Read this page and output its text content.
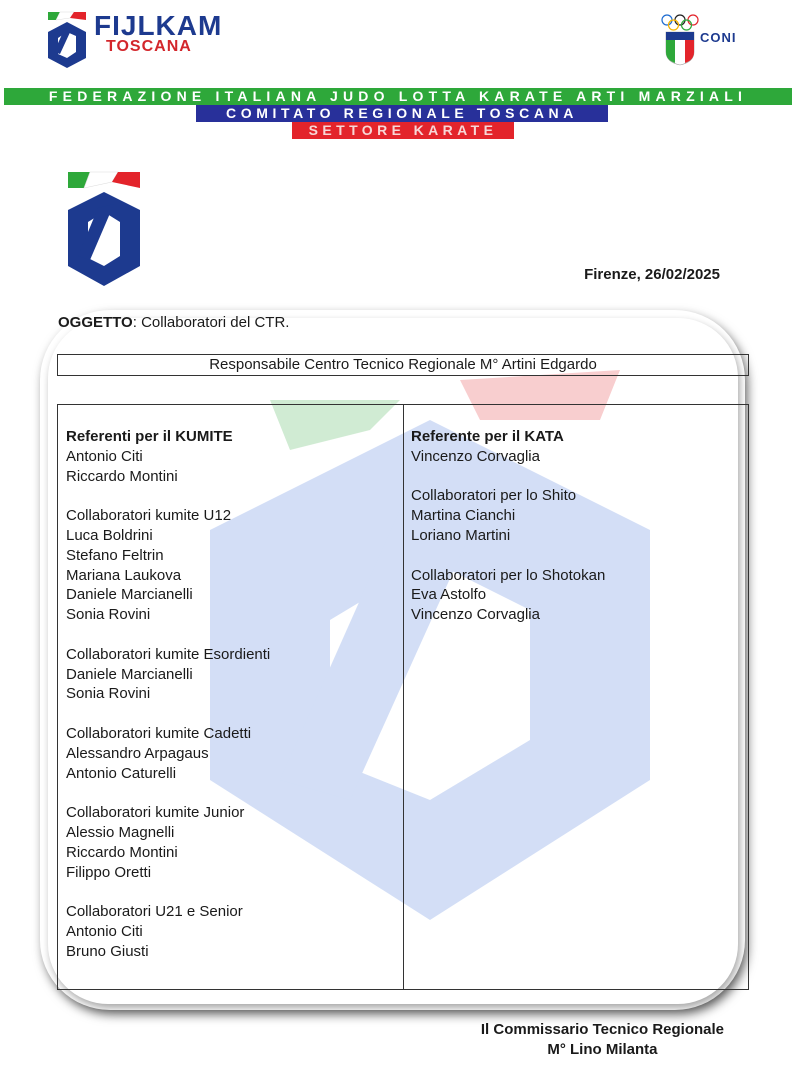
FIJLKAM
TOSCANA
CONI
FEDERAZIONE ITALIANA JUDO LOTTA KARATE ARTI MARZIALI
COMITATO REGIONALE TOSCANA
SETTORE KARATE
Firenze, 26/02/2025
OGGETTO: Collaboratori del CTR.
Responsabile Centro Tecnico Regionale M° Artini Edgardo
Referenti per il KUMITE
Antonio Citi
Riccardo Montini
Collaboratori kumite U12
Luca Boldrini
Stefano Feltrin
Mariana Laukova
Daniele Marcianelli
Sonia Rovini
Collaboratori kumite Esordienti
Daniele Marcianelli
Sonia Rovini
Collaboratori kumite Cadetti
Alessandro Arpagaus
Antonio Caturelli
Collaboratori kumite Junior
Alessio Magnelli
Riccardo Montini
Filippo Oretti
Collaboratori U21 e Senior
Antonio Citi
Bruno Giusti
Referente per il KATA
Vincenzo Corvaglia
Collaboratori per lo Shito
Martina Cianchi
Loriano Martini
Collaboratori per lo Shotokan
Eva Astolfo
Vincenzo Corvaglia
Il Commissario Tecnico Regionale
M° Lino Milanta
